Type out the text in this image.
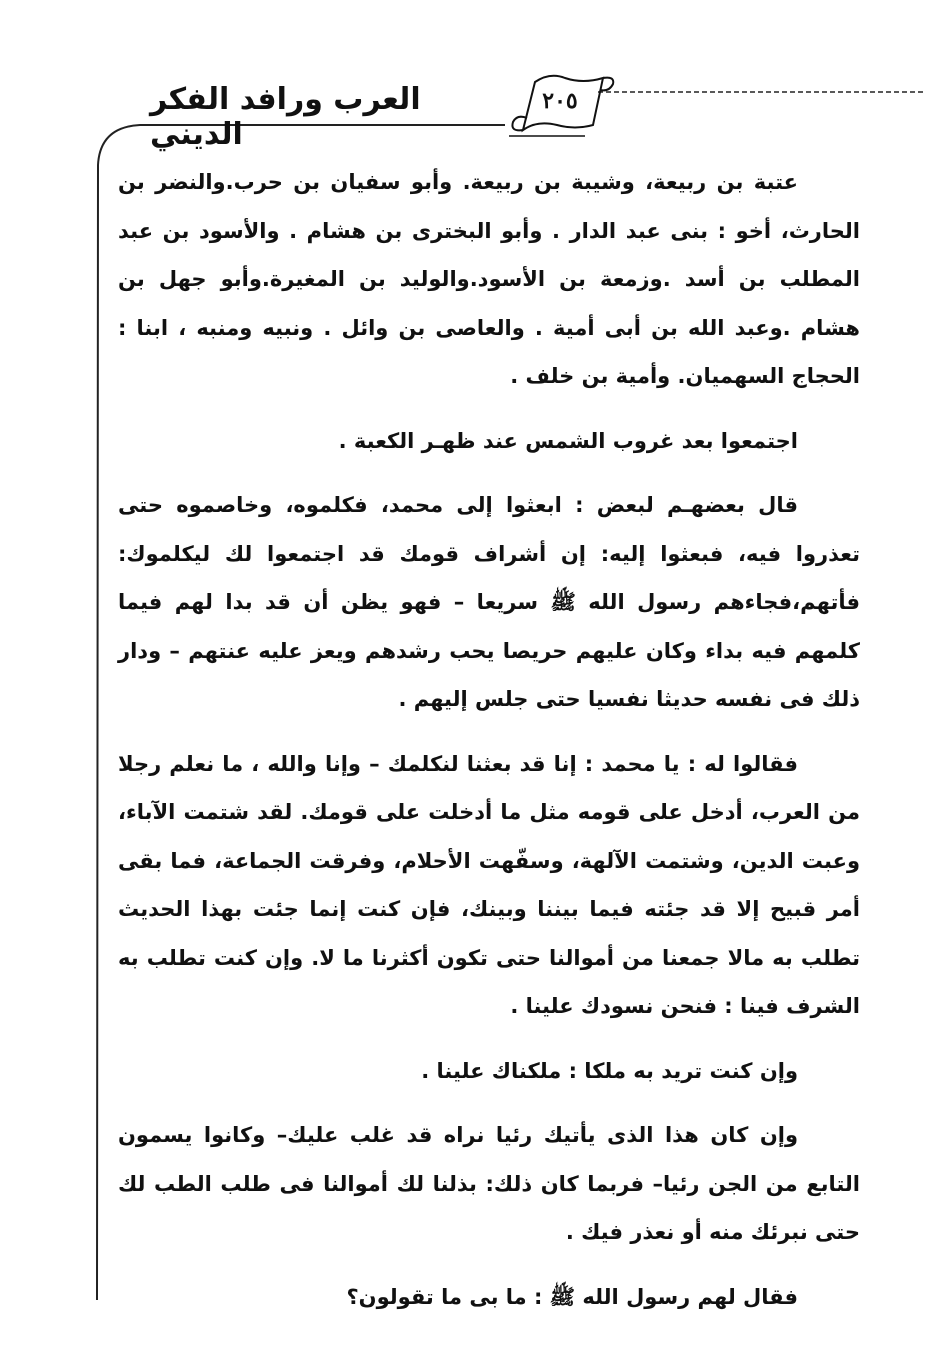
٢٠٥
العرب ورافد الفكر الديني

عتبة بن ربيعة، وشيبة بن ربيعة. وأبو سفيان بن حرب.والنضر بن الحارث، أخو : بنى عبد الدار . وأبو البخترى بن هشام . والأسود بن عبد المطلب بن أسد .وزمعة بن الأسود.والوليد بن المغيرة.وأبو جهل بن هشام .وعبد الله بن أبى أمية . والعاصى بن وائل . ونبيه ومنبه ، ابنا : الحجاج السهميان. وأمية بن خلف .

اجتمعوا بعد غروب الشمس عند ظهـر الكعبة .

قال بعضهـم لبعض : ابعثوا إلى محمد، فكلموه، وخاصموه حتى تعذروا فيه، فبعثوا إليه: إن أشراف قومك قد اجتمعوا لك ليكلموك: فأتهم،فجاءهم رسول الله ﷺ سريعا – فهو يظن أن قد بدا لهم فيما كلمهم فيه بداء وكان عليهم حريصا يحب رشدهم ويعز عليه عنتهم – ودار ذلك فى نفسه حديثا نفسيا حتى جلس إليهم .

فقالوا له : يا محمد : إنا قد بعثنا لنكلمك – وإنا والله ، ما نعلم رجلا من العرب، أدخل على قومه مثل ما أدخلت على قومك. لقد شتمت الآباء، وعبت الدين، وشتمت الآلهة، وسفّهت الأحلام، وفرقت الجماعة، فما بقى أمر قبيح إلا قد جئته فيما بيننا وبينك، فإن كنت إنما جئت بهذا الحديث تطلب به مالا جمعنا من أموالنا حتى تكون أكثرنا ما لا. وإن كنت تطلب به الشرف فينا : فنحن نسودك علينا .

وإن كنت تريد به ملكا : ملكناك علينا .

وإن كان هذا الذى يأتيك رئيا نراه قد غلب عليك– وكانوا يسمون التابع من الجن رئيا– فربما كان ذلك: بذلنا لك أموالنا فى طلب الطب لك حتى نبرئك منه أو نعذر فيك .

فقال لهم رسول الله ﷺ : ما بى ما تقولون؟
